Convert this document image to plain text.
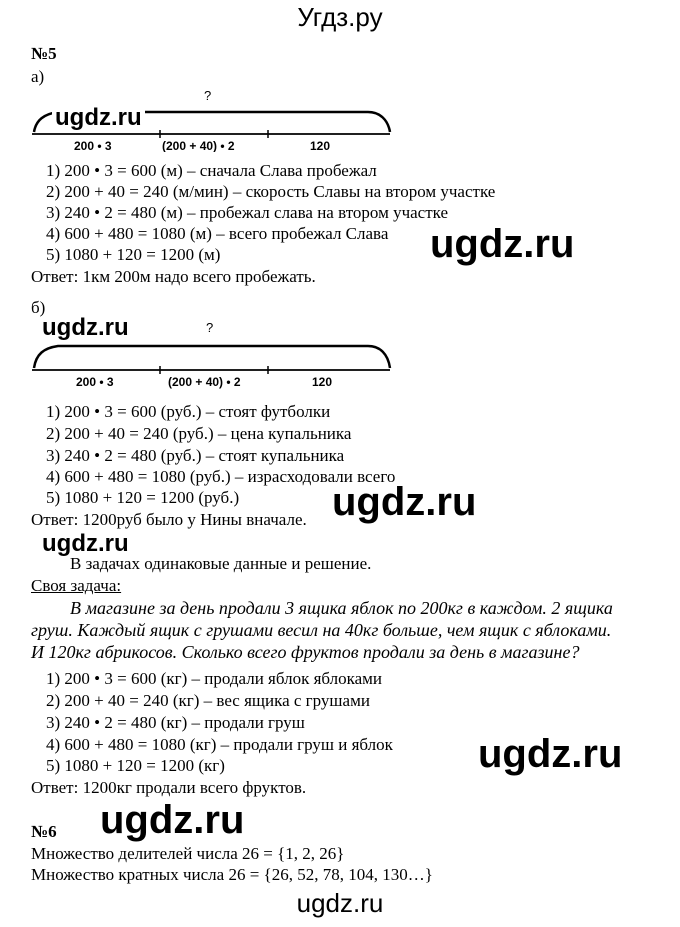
Угдз.ру
№5
а)
?
200 • 3	(200 + 40) • 2	120
1) 200 • 3 = 600 (м) – сначала Слава пробежал
2) 200 + 40 = 240 (м/мин) – скорость Славы на втором участке
3) 240 • 2 = 480 (м) – пробежал слава на втором участке
4) 600 + 480 = 1080 (м) – всего пробежал Слава
5) 1080 + 120 = 1200 (м)
Ответ: 1км 200м надо всего пробежать.
б)
?
200 • 3	(200 + 40) • 2	120
1) 200 • 3 = 600 (руб.) – стоят футболки
2) 200 + 40 = 240 (руб.) – цена купальника
3) 240 • 2 = 480 (руб.) – стоят купальника
4) 600 + 480 = 1080 (руб.) – израсходовали всего
5) 1080 + 120 = 1200 (руб.)
Ответ: 1200руб было у Нины вначале.
В задачах одинаковые данные и решение.
Своя задача:
В магазине за день продали 3 ящика яблок по 200кг в каждом. 2 ящика
груш. Каждый ящик с грушами весил на 40кг больше, чем ящик с яблоками.
И 120кг абрикосов. Сколько всего фруктов продали за день в магазине?
1) 200 • 3 = 600 (кг) – продали яблок яблоками
2) 200 + 40 = 240 (кг) – вес ящика с грушами
3) 240 • 2 = 480 (кг) – продали груш
4) 600 + 480 = 1080 (кг) – продали груш и яблок
5) 1080 + 120 = 1200 (кг)
Ответ: 1200кг продали всего фруктов.
№6
Множество делителей числа 26 = {1, 2, 26}
Множество кратных числа 26 = {26, 52, 78, 104, 130…}
ugdz.ru
ugdz.ru
ugdz.ru
ugdz.ru
ugdz.ru
ugdz.ru
ugdz.ru
ugdz.ru
